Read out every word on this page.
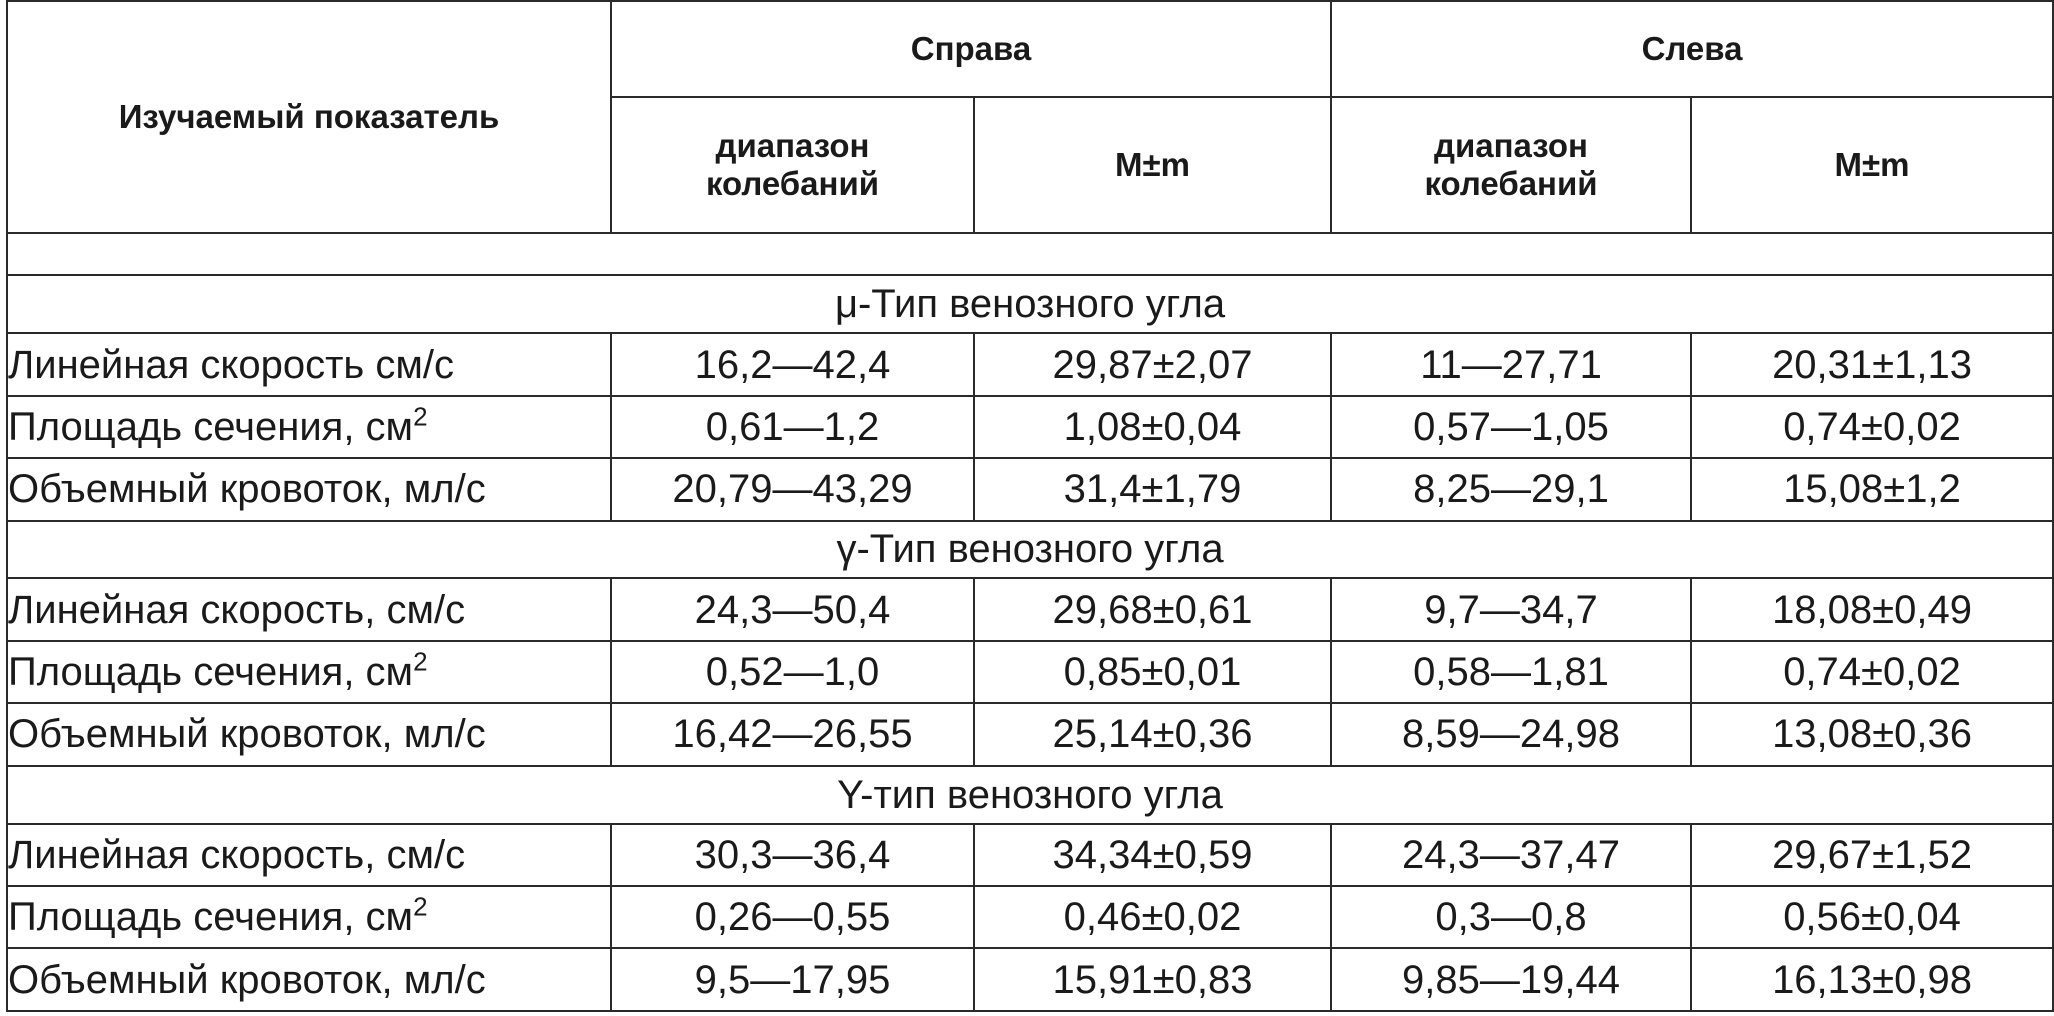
Изучаемый показатель	Справа		Слева	
	диапазон колебаний	M±m	диапазон колебаний	M±m

μ-Тип венозного угла				
Линейная скорость см/с	16,2—42,4	29,87±2,07	11—27,71	20,31±1,13
Площадь сечения, $см^2$	0,61—1,2	1,08±0,04	0,57—1,05	0,74±0,02
Объемный кровоток, мл/с	20,79—43,29	31,4±1,79	8,25—29,1	15,08±1,2
γ-Тип венозного угла				
Линейная скорость, см/с	24,3—50,4	29,68±0,61	9,7—34,7	18,08±0,49
Площадь сечения, $см^2$	0,52—1,0	0,85±0,01	0,58—1,81	0,74±0,02
Объемный кровоток, мл/с	16,42—26,55	25,14±0,36	8,59—24,98	13,08±0,36
Y-тип венозного угла				
Линейная скорость, см/с	30,3—36,4	34,34±0,59	24,3—37,47	29,67±1,52
Площадь сечения, $см^2$	0,26—0,55	0,46±0,02	0,3—0,8	0,56±0,04
Объемный кровоток, мл/с	9,5—17,95	15,91±0,83	9,85—19,44	16,13±0,98
